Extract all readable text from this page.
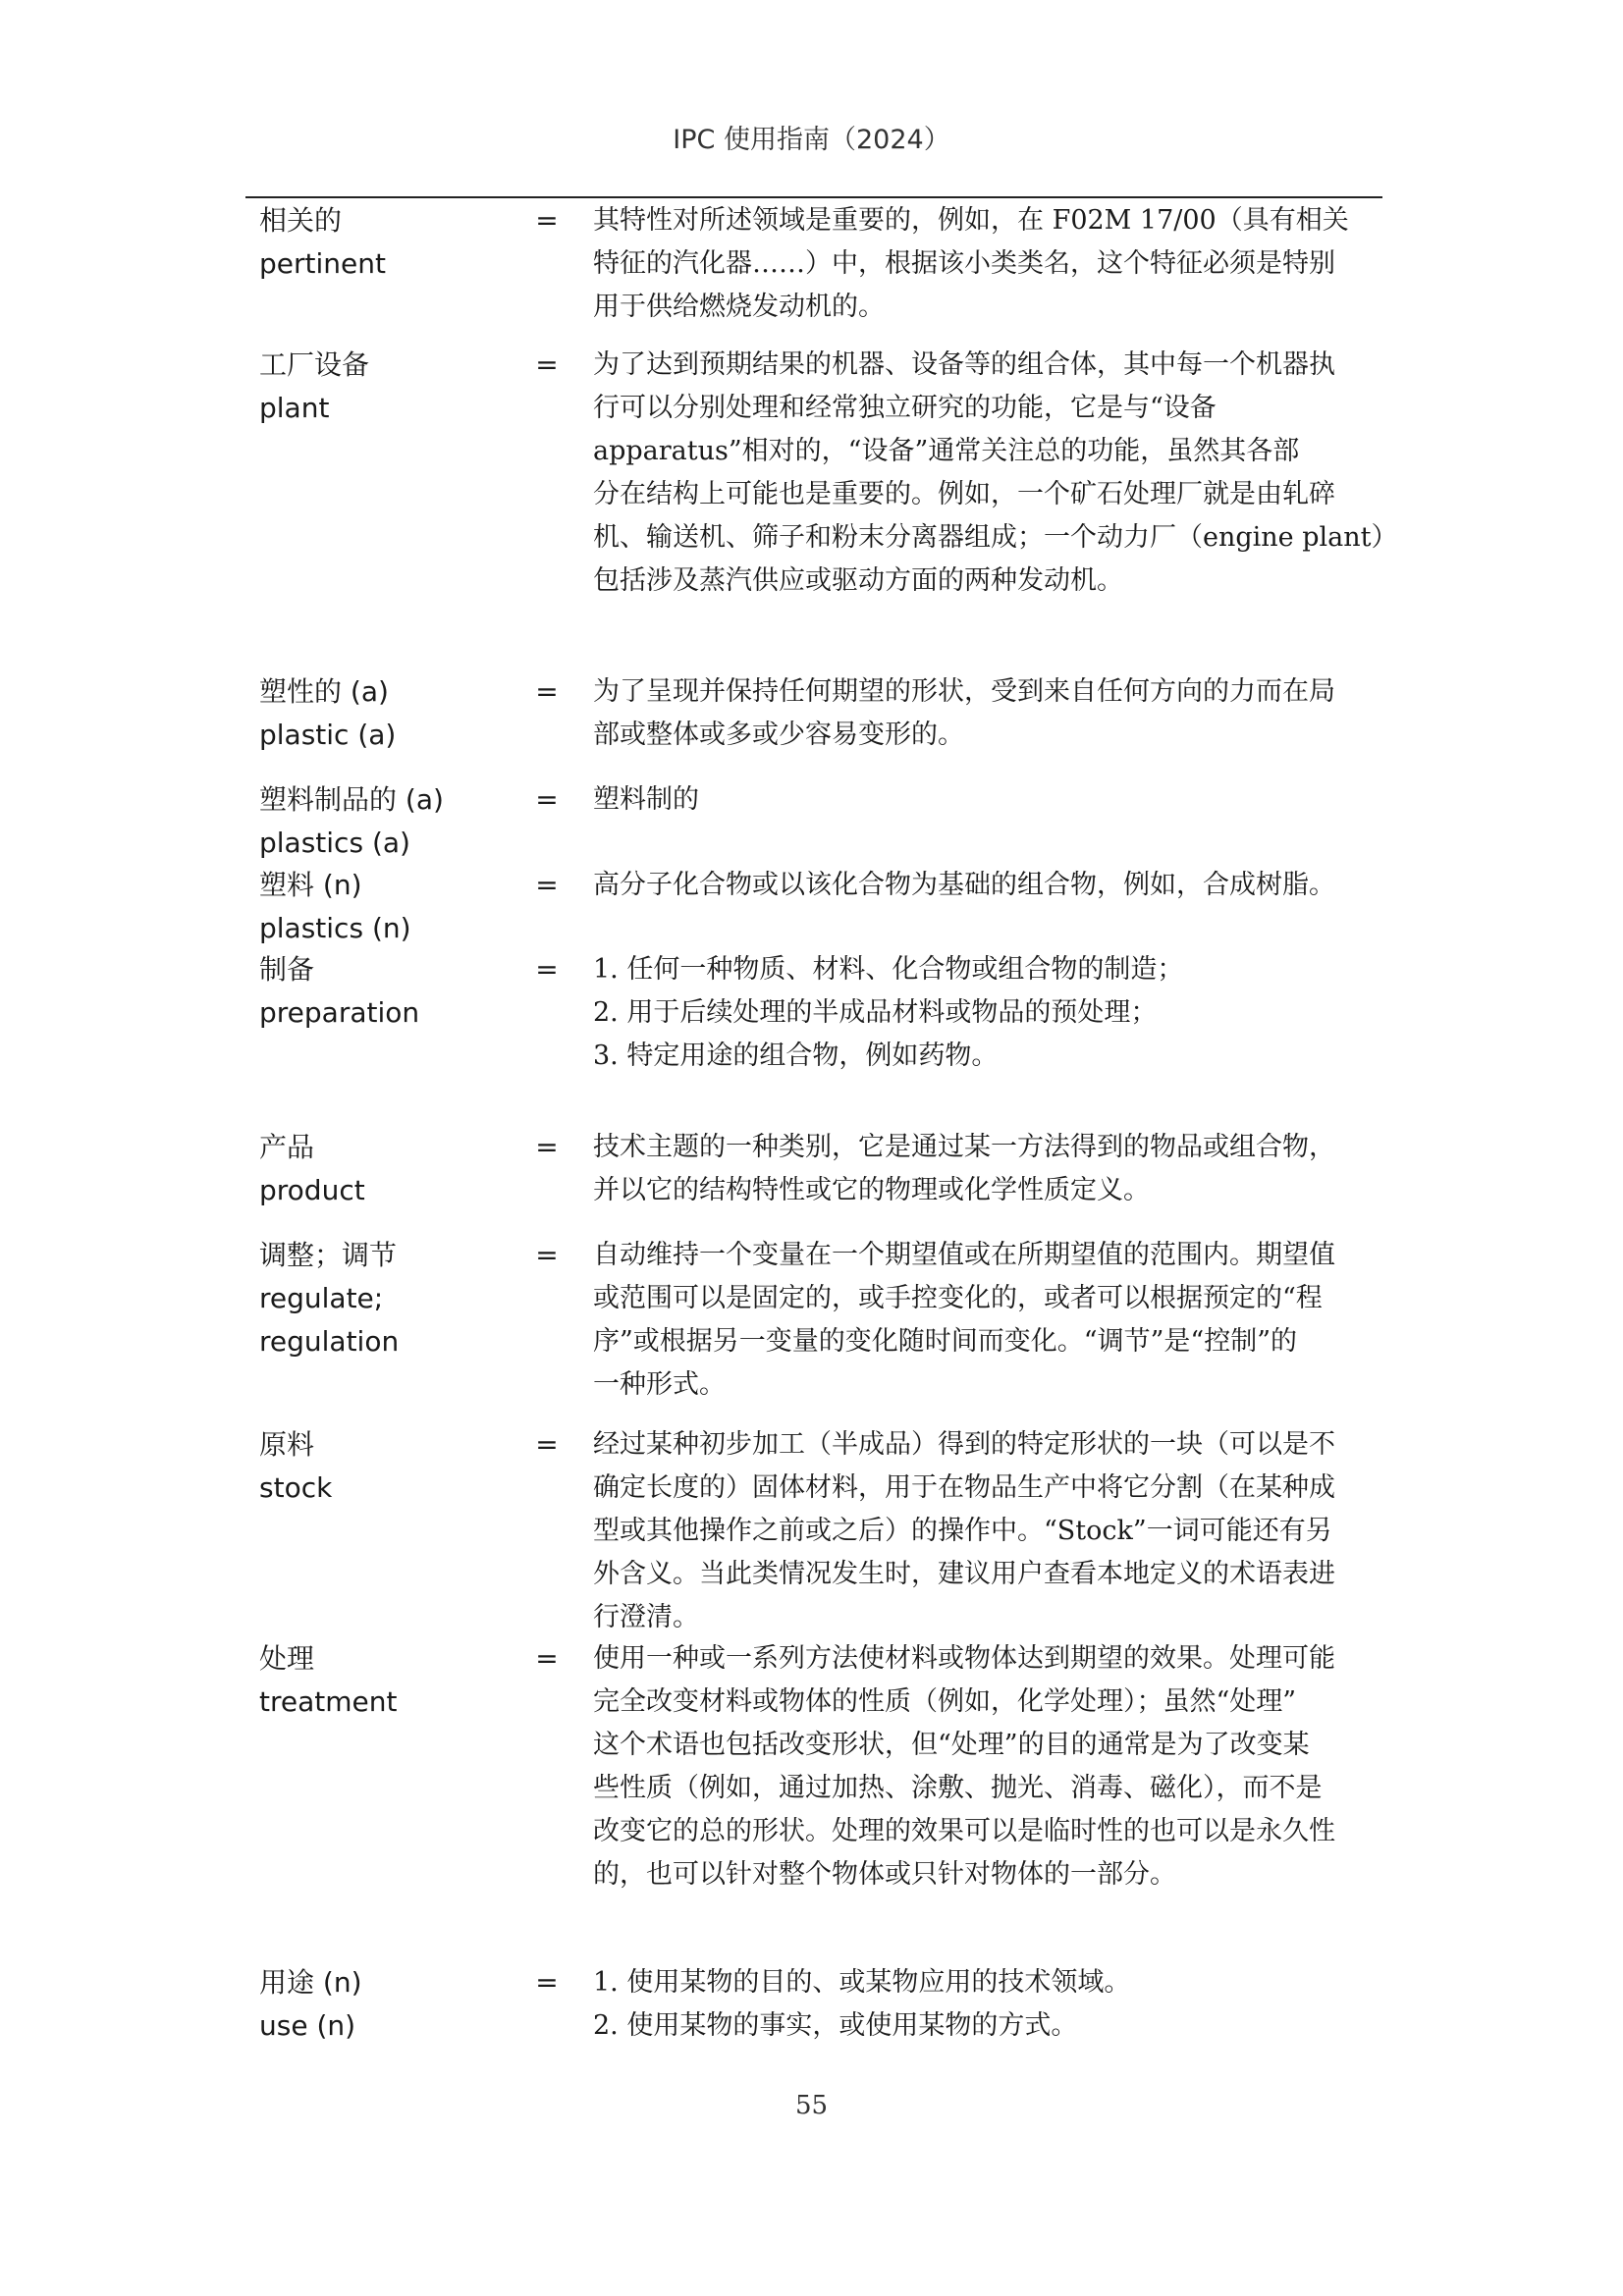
IPC 使用指南（2024）
相关的
pertinent
= 其特性对所述领域是重要的，例如，在 F02M 17/00（具有相关
特征的汽化器……）中，根据该小类类名，这个特征必须是特别
用于供给燃烧发动机的。
工厂设备
plant
= 为了达到预期结果的机器、设备等的组合体，其中每一个机器执
行可以分别处理和经常独立研究的功能，它是与“设备
apparatus”相对的，“设备”通常关注总的功能，虽然其各部
分在结构上可能也是重要的。例如，一个矿石处理厂就是由轧碎
机、输送机、筛子和粉末分离器组成；一个动力厂（engine plant）
包括涉及蒸汽供应或驱动方面的两种发动机。
塑性的 (a)
plastic (a)
= 为了呈现并保持任何期望的形状，受到来自任何方向的力而在局
部或整体或多或少容易变形的。
塑料制品的 (a)
plastics (a)
= 塑料制的
塑料 (n)
plastics (n)
= 高分子化合物或以该化合物为基础的组合物，例如，合成树脂。
制备
preparation
= 1. 任何一种物质、材料、化合物或组合物的制造；
2. 用于后续处理的半成品材料或物品的预处理；
3. 特定用途的组合物，例如药物。
产品
product
= 技术主题的一种类别，它是通过某一方法得到的物品或组合物，
并以它的结构特性或它的物理或化学性质定义。
调整；调节
regulate;
regulation
= 自动维持一个变量在一个期望值或在所期望值的范围内。期望值
或范围可以是固定的，或手控变化的，或者可以根据预定的“程
序”或根据另一变量的变化随时间而变化。“调节”是“控制”的
一种形式。
原料
stock
= 经过某种初步加工（半成品）得到的特定形状的一块（可以是不
确定长度的）固体材料，用于在物品生产中将它分割（在某种成
型或其他操作之前或之后）的操作中。“Stock”一词可能还有另
外含义。当此类情况发生时，建议用户查看本地定义的术语表进
行澄清。
处理
treatment
= 使用一种或一系列方法使材料或物体达到期望的效果。处理可能
完全改变材料或物体的性质（例如，化学处理）；虽然“处理”
这个术语也包括改变形状，但“处理”的目的通常是为了改变某
些性质（例如，通过加热、涂敷、抛光、消毒、磁化），而不是
改变它的总的形状。处理的效果可以是临时性的也可以是永久性
的，也可以针对整个物体或只针对物体的一部分。
用途 (n)
use (n)
= 1. 使用某物的目的、或某物应用的技术领域。
2. 使用某物的事实，或使用某物的方式。
55
